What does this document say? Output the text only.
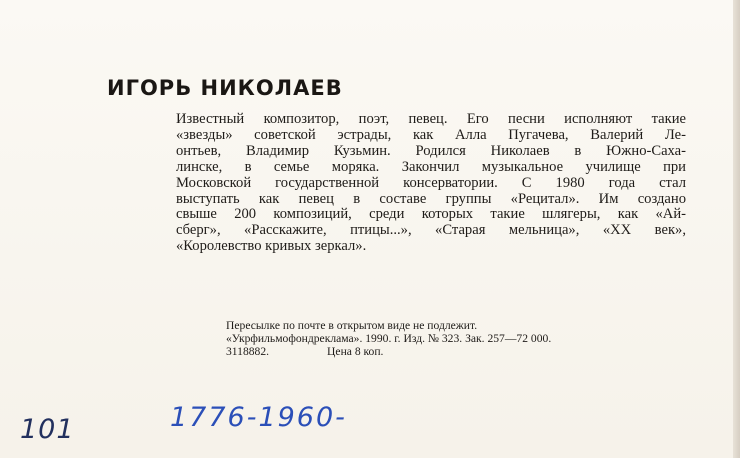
ИГОРЬ НИКОЛАЕВ
Известный композитор, поэт, певец. Его песни исполняют такие
«звезды» советской эстрады, как Алла Пугачева, Валерий Ле-
онтьев, Владимир Кузьмин. Родился Николаев в Южно-Саха-
линске, в семье моряка. Закончил музыкальное училище при
Московской государственной консерватории. С 1980 года стал
выступать как певец в составе группы «Рецитал». Им создано
свыше 200 композиций, среди которых такие шлягеры, как «Ай-
сберг», «Расскажите, птицы...», «Старая мельница», «XX век»,
«Королевство кривых зеркал».
Пересылке по почте в открытом виде не подлежит.
«Укрфильмофондреклама». 1990. г. Изд. № 323. Зак. 257—72 000.
3118882.	Цена 8 коп.
101	1776-1960-
